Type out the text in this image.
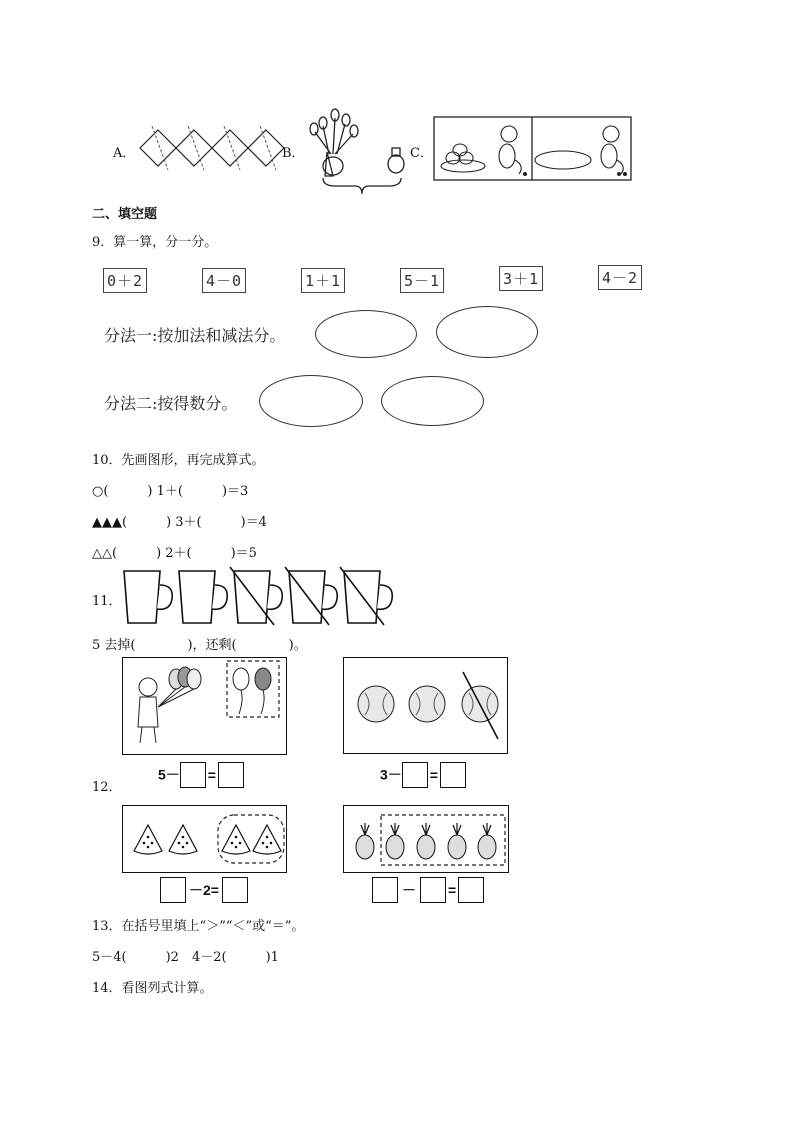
A．	B．	C．
二、填空题
9．算一算，分一分。
0＋2	4－0	1＋1	5－1	3＋1	4－2
分法一:按加法和减法分。
分法二:按得数分。
10．先画图形，再完成算式。
○(　　　) 1＋(　　　)＝3
▲▲▲(　　　) 3＋(　　　)＝4
△△(　　　) 2＋(　　　)＝5
11．
5 去掉(　　　　)，还剩(　　　　)。
12．
5－ =	3－ =
－2=	－ =
13．在括号里填上“＞”“＜”或“＝”。
5－4(　　　)2　4－2(　　　)1
14．看图列式计算。
